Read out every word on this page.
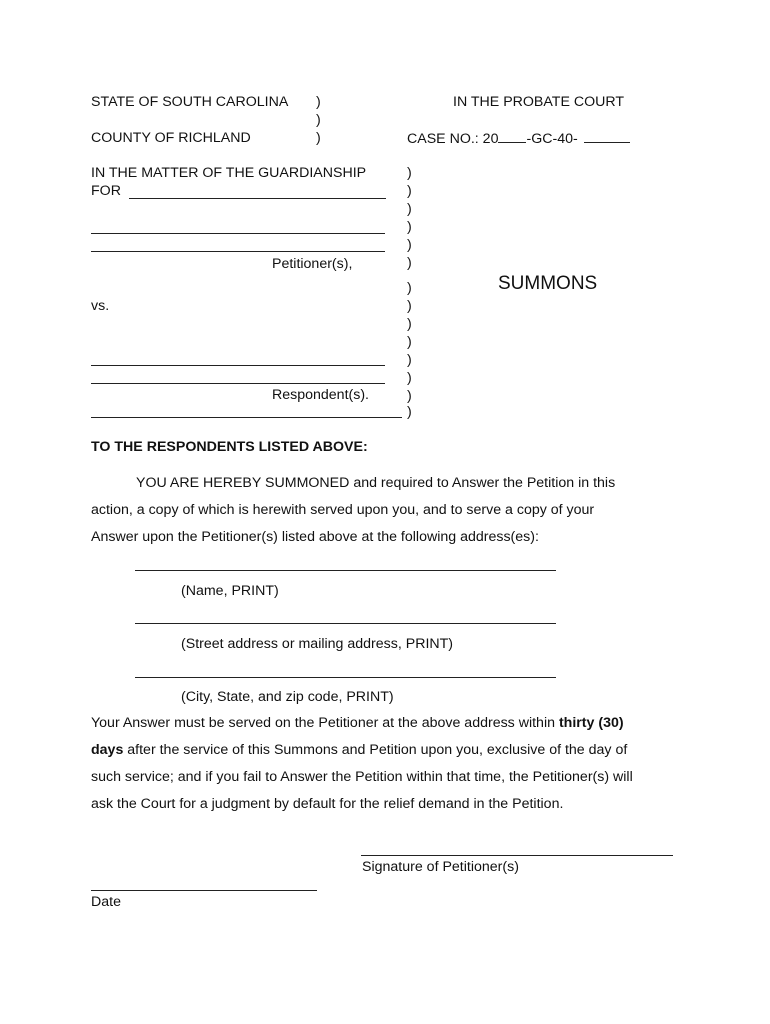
STATE OF SOUTH CAROLINA
COUNTY OF RICHLAND
)
)
)
IN THE PROBATE COURT
CASE NO.: 20 -GC-40-
IN THE MATTER OF THE GUARDIANSHIP
FOR
Petitioner(s),
vs.
Respondent(s).
)
)
)
)
)
)
)
)
)
)
)
)
)
)
SUMMONS
TO THE RESPONDENTS LISTED ABOVE:
YOU ARE HEREBY SUMMONED and required to Answer the Petition in this
action, a copy of which is herewith served upon you, and to serve a copy of your
Answer upon the Petitioner(s) listed above at the following address(es):
(Name, PRINT)
(Street address or mailing address, PRINT)
(City, State, and zip code, PRINT)
Your Answer must be served on the Petitioner at the above address within thirty (30)
days after the service of this Summons and Petition upon you, exclusive of the day of
such service; and if you fail to Answer the Petition within that time, the Petitioner(s) will
ask the Court for a judgment by default for the relief demand in the Petition.
Signature of Petitioner(s)
Date
